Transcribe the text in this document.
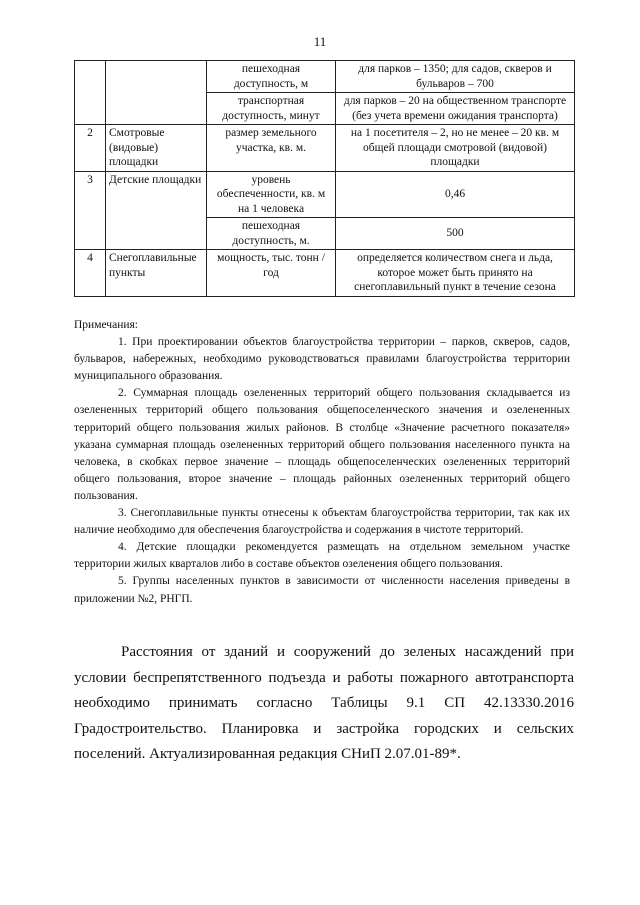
11
		пешеходная доступность, м	для парков – 1350; для садов, скверов и бульваров – 700
		транспортная доступность, минут	для парков – 20 на общественном транспорте (без учета времени ожидания транспорта)
2	Смотровые (видовые) площадки	размер земельного участка, кв. м.	на 1 посетителя – 2, но не менее – 20 кв. м общей площади смотровой (видовой) площадки
3	Детские площадки	уровень обеспеченности, кв. м на 1 человека	0,46
		пешеходная доступность, м.	500
4	Снегоплавильные пункты	мощность, тыс. тонн / год	определяется количеством снега и льда, которое может быть принято на снегоплавильный пункт в течение сезона

Примечания:

1. При проектировании объектов благоустройства территории – парков, скверов, садов, бульваров, набережных, необходимо руководствоваться правилами благоустройства территории муниципального образования.

2. Суммарная площадь озелененных территорий общего пользования складывается из озелененных территорий общего пользования общепоселенческого значения и озелененных территорий общего пользования жилых районов. В столбце «Значение расчетного показателя» указана суммарная площадь озелененных территорий общего пользования населенного пункта на человека, в скобках первое значение – площадь общепоселенческих озелененных территорий общего пользования, второе значение – площадь районных озелененных территорий общего пользования.

3. Снегоплавильные пункты отнесены к объектам благоустройства территории, так как их наличие необходимо для обеспечения благоустройства и содержания в чистоте территорий.

4. Детские площадки рекомендуется размещать на отдельном земельном участке территории жилых кварталов либо в составе объектов озеленения общего пользования.

5. Группы населенных пунктов в зависимости от численности населения приведены в приложении №2, РНГП.

Расстояния от зданий и сооружений до зеленых насаждений при условии беспрепятственного подъезда и работы пожарного автотранспорта необходимо принимать согласно Таблицы 9.1 СП 42.13330.2016 Градостроительство. Планировка и застройка городских и сельских поселений. Актуализированная редакция СНиП 2.07.01-89*.
